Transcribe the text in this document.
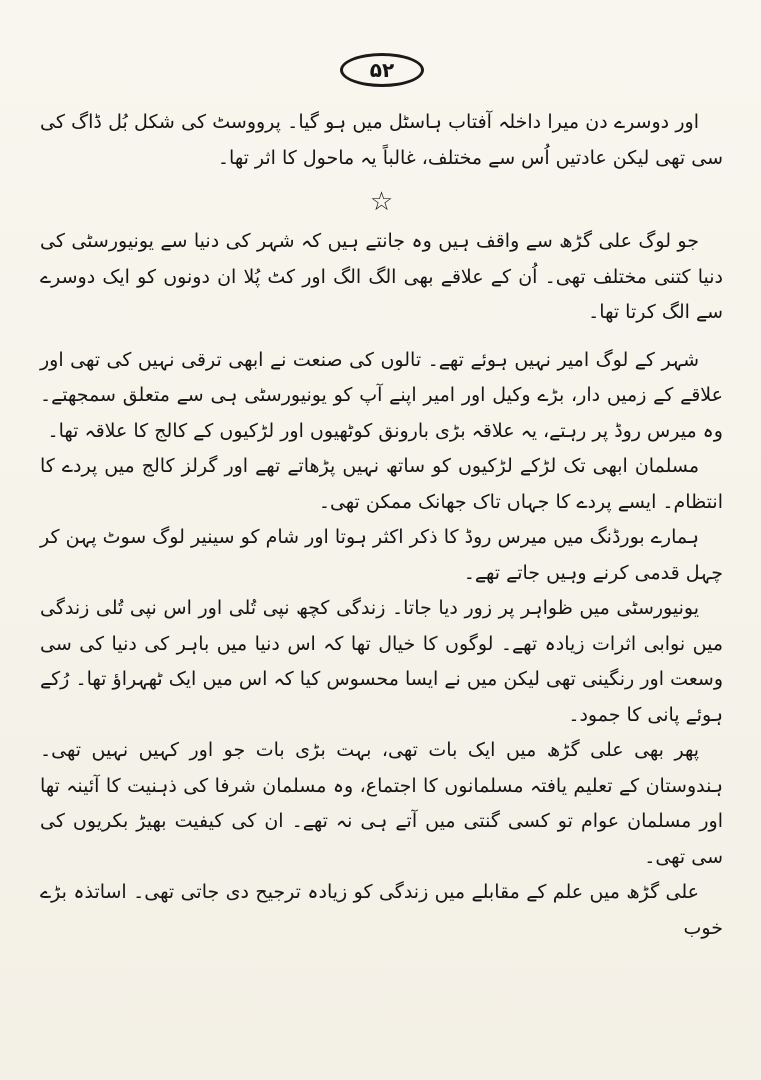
۵۲

اور دوسرے دن میرا داخلہ آفتاب ہاسٹل میں ہو گیا۔ پرووسٹ کی شکل بُل ڈاگ کی سی تھی لیکن عادتیں اُس سے مختلف، غالباً یہ ماحول کا اثر تھا۔

☆

جو لوگ علی گڑھ سے واقف ہیں وہ جانتے ہیں کہ شہر کی دنیا سے یونیورسٹی کی دنیا کتنی مختلف تھی۔ اُن کے علاقے بھی الگ الگ اور کٹ پُلا ان دونوں کو ایک دوسرے سے الگ کرتا تھا۔

شہر کے لوگ امیر نہیں ہوئے تھے۔ تالوں کی صنعت نے ابھی ترقی نہیں کی تھی اور علاقے کے زمیں دار، بڑے وکیل اور امیر اپنے آپ کو یونیورسٹی ہی سے متعلق سمجھتے۔ وہ میرس روڈ پر رہتے، یہ علاقہ بڑی بارونق کوٹھیوں اور لڑکیوں کے کالج کا علاقہ تھا۔

مسلمان ابھی تک لڑکے لڑکیوں کو ساتھ نہیں پڑھاتے تھے اور گرلز کالج میں پردے کا انتظام۔ ایسے پردے کا جہاں تاک جھانک ممکن تھی۔

ہمارے بورڈنگ میں میرس روڈ کا ذکر اکثر ہوتا اور شام کو سینیر لوگ سوٹ پہن کر چہل قدمی کرنے وہیں جاتے تھے۔

یونیورسٹی میں ظواہر پر زور دیا جاتا۔ زندگی کچھ نپی تُلی اور اس نپی تُلی زندگی میں نوابی اثرات زیادہ تھے۔ لوگوں کا خیال تھا کہ اس دنیا میں باہر کی دنیا کی سی وسعت اور رنگینی تھی لیکن میں نے ایسا محسوس کیا کہ اس میں ایک ٹھہراؤ تھا۔ رُکے ہوئے پانی کا جمود۔

پھر بھی علی گڑھ میں ایک بات تھی، بہت بڑی بات جو اور کہیں نہیں تھی۔ ہندوستان کے تعلیم یافتہ مسلمانوں کا اجتماع، وہ مسلمان شرفا کی ذہنیت کا آئینہ تھا اور مسلمان عوام تو کسی گنتی میں آتے ہی نہ تھے۔ ان کی کیفیت بھیڑ بکریوں کی سی تھی۔

علی گڑھ میں علم کے مقابلے میں زندگی کو زیادہ ترجیح دی جاتی تھی۔ اساتذہ بڑے خوب
